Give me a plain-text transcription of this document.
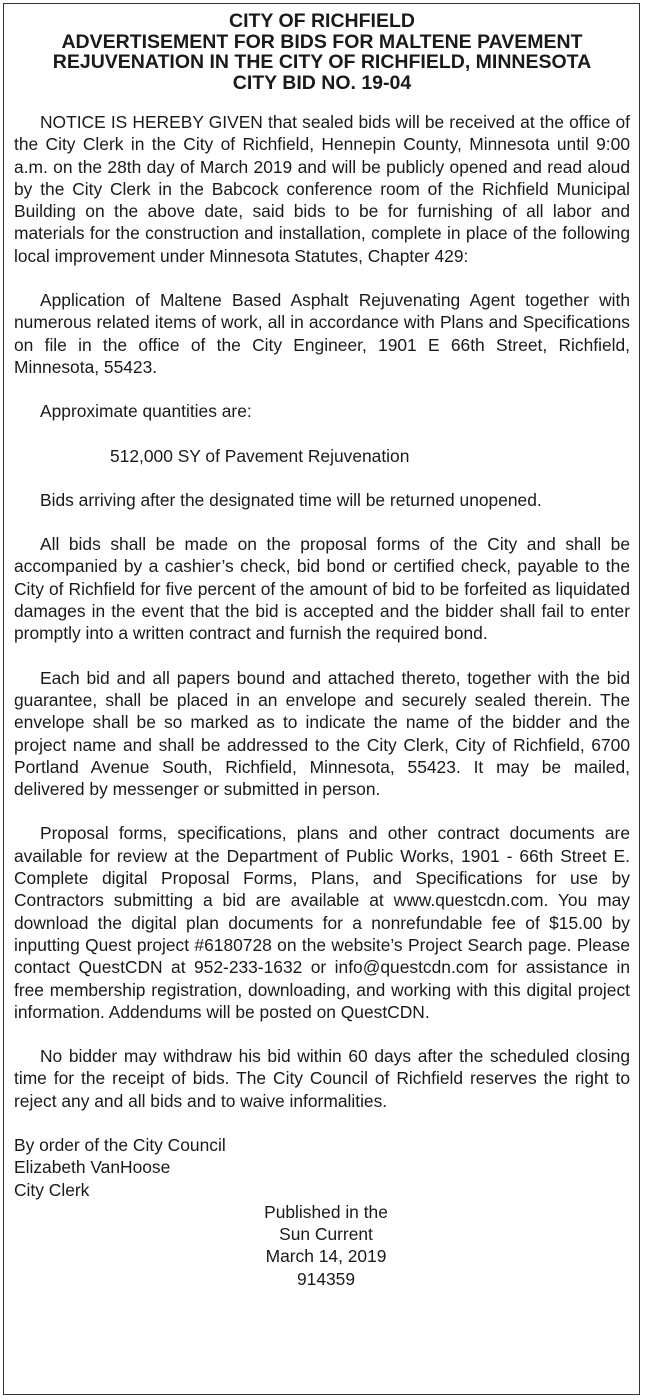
CITY OF RICHFIELD
ADVERTISEMENT FOR BIDS FOR MALTENE PAVEMENT
REJUVENATION IN THE CITY OF RICHFIELD, MINNESOTA
CITY BID NO. 19-04

NOTICE IS HEREBY GIVEN that sealed bids will be received at the office of the City Clerk in the City of Richfield, Hennepin County, Minnesota until 9:00 a.m. on the 28th day of March 2019 and will be publicly opened and read aloud by the City Clerk in the Babcock conference room of the Richfield Municipal Building on the above date, said bids to be for furnishing of all labor and materials for the construction and installation, complete in place of the following local improvement under Minnesota Statutes, Chapter 429:

Application of Maltene Based Asphalt Rejuvenating Agent together with numerous related items of work, all in accordance with Plans and Specifications on file in the office of the City Engineer, 1901 E 66th Street, Richfield, Minnesota, 55423.

Approximate quantities are:

512,000 SY of Pavement Rejuvenation

Bids arriving after the designated time will be returned unopened.

All bids shall be made on the proposal forms of the City and shall be accompanied by a cashier’s check, bid bond or certified check, payable to the City of Richfield for five percent of the amount of bid to be forfeited as liquidated damages in the event that the bid is accepted and the bidder shall fail to enter promptly into a written contract and furnish the required bond.

Each bid and all papers bound and attached thereto, together with the bid guarantee, shall be placed in an envelope and securely sealed therein. The envelope shall be so marked as to indicate the name of the bidder and the project name and shall be addressed to the City Clerk, City of Richfield, 6700 Portland Avenue South, Richfield, Minnesota, 55423. It may be mailed, delivered by messenger or submitted in person.

Proposal forms, specifications, plans and other contract documents are available for review at the Department of Public Works, 1901 - 66th Street E. Complete digital Proposal Forms, Plans, and Specifications for use by Contractors submitting a bid are available at www.questcdn.com. You may download the digital plan documents for a nonrefundable fee of $15.00 by inputting Quest project #6180728 on the website’s Project Search page. Please contact QuestCDN at 952-233-1632 or info@questcdn.com for assistance in free membership registration, downloading, and working with this digital project information. Addendums will be posted on QuestCDN.

No bidder may withdraw his bid within 60 days after the scheduled closing time for the receipt of bids. The City Council of Richfield reserves the right to reject any and all bids and to waive informalities.

By order of the City Council
Elizabeth VanHoose
City Clerk
Published in the
Sun Current
March 14, 2019
914359
